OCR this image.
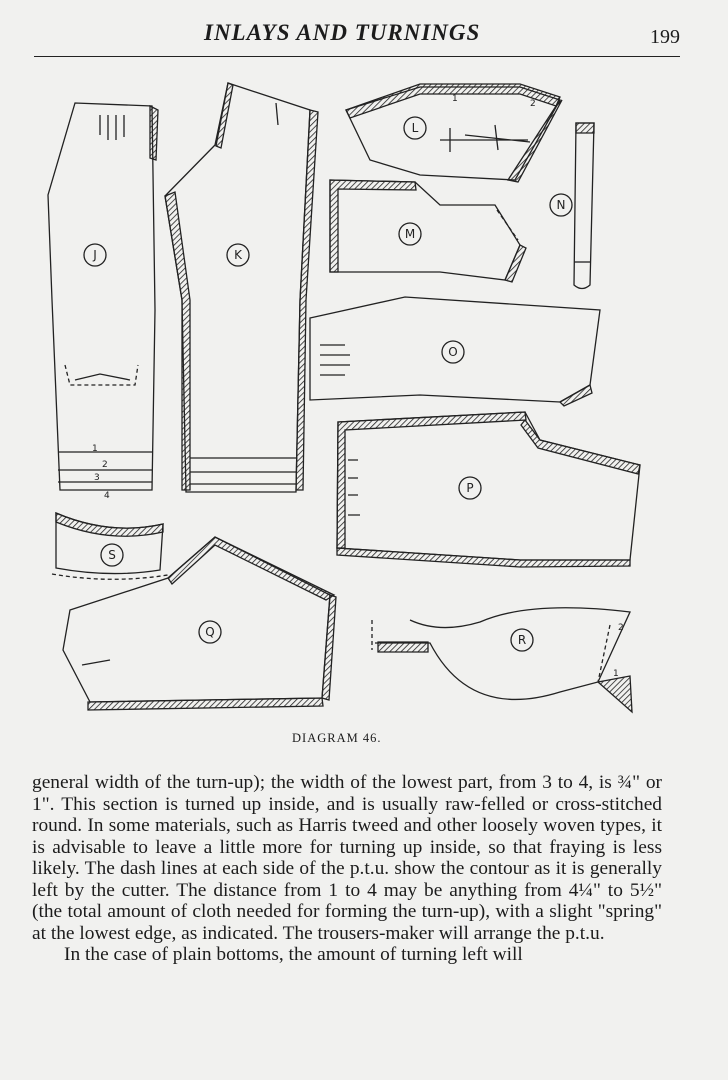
INLAYS AND TURNINGS	199
J	K
L
M
N
O
P
S
Q
R
1
2
3
4
1	2
2
1
DIAGRAM 46.

general width of the turn-up); the width of the lowest part, from 3 to 4, is ¾" or 1". This section is turned up inside, and is usually raw-felled or cross-stitched round. In some materials, such as Harris tweed and other loosely woven types, it is advisable to leave a little more for turning up inside, so that fraying is less likely. The dash lines at each side of the p.t.u. show the contour as it is generally left by the cutter. The distance from 1 to 4 may be anything from 4¼" to 5½" (the total amount of cloth needed for forming the turn-up), with a slight "spring" at the lowest edge, as indicated. The trousers-maker will arrange the p.t.u.

In the case of plain bottoms, the amount of turning left will
